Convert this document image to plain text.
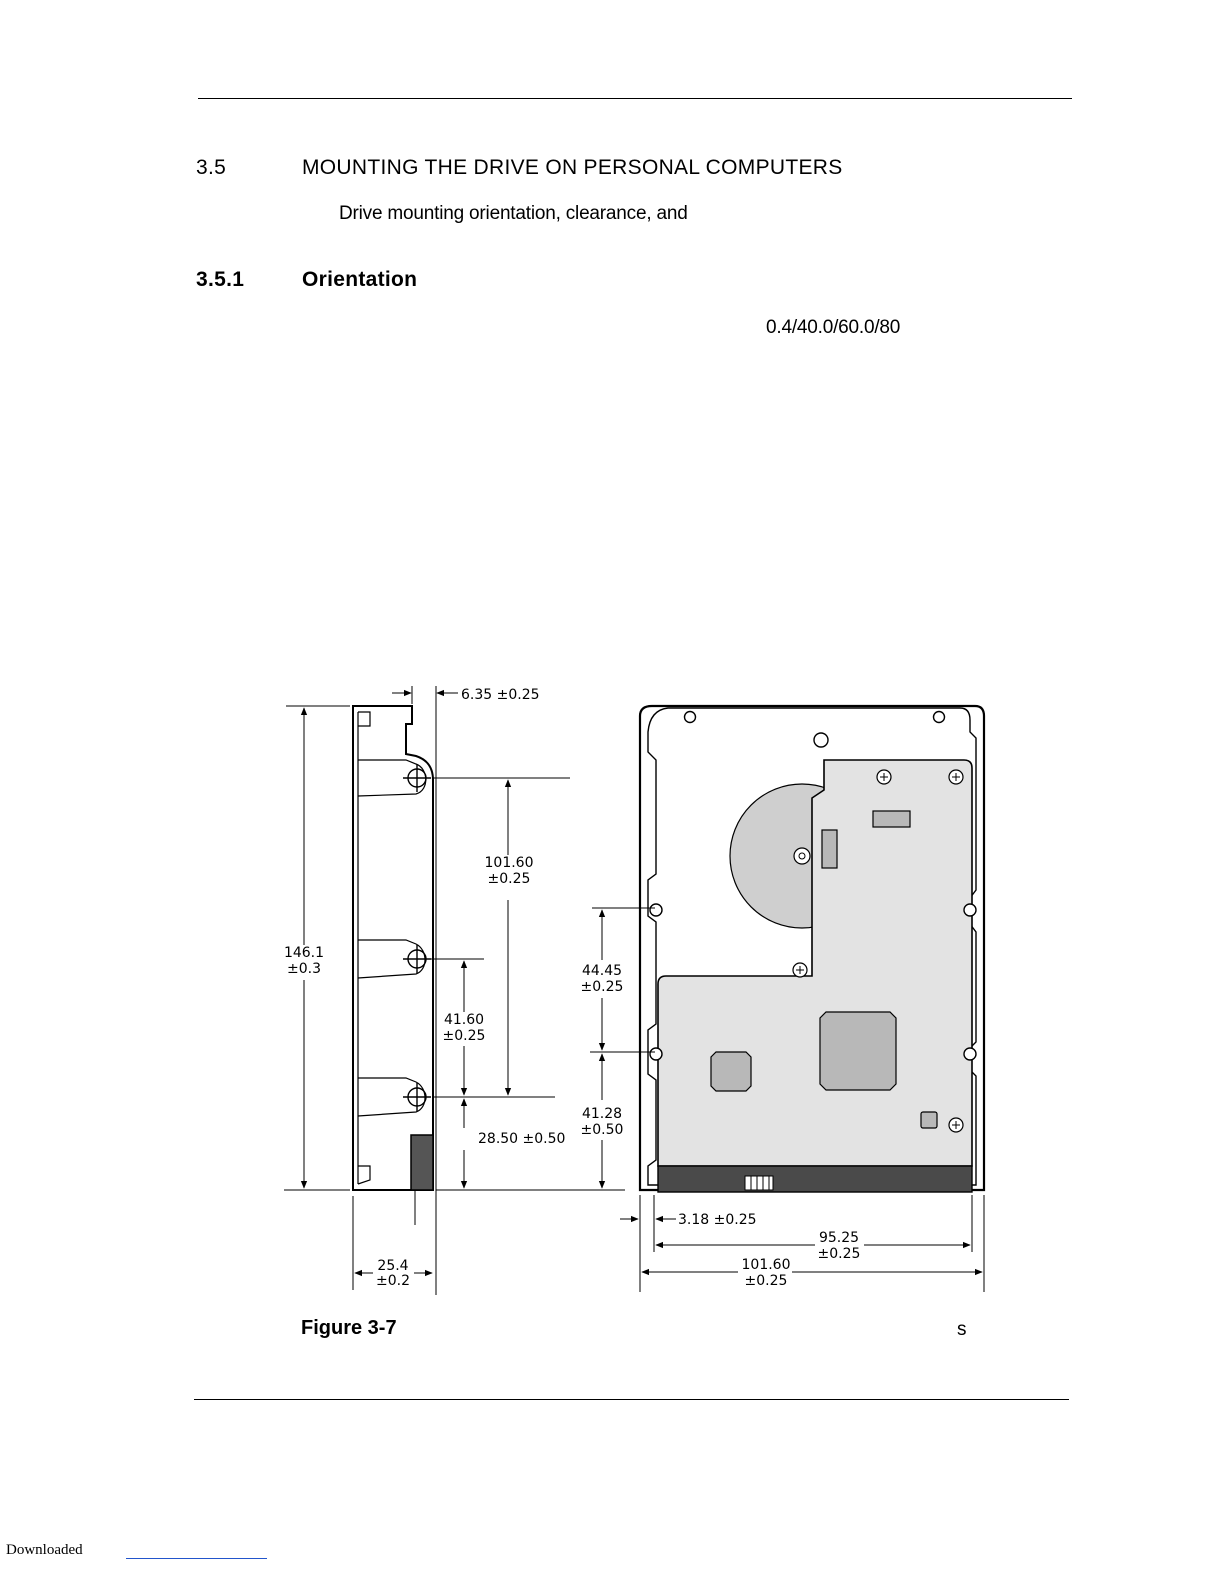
3.5	MOUNTING THE DRIVE ON PERSONAL COMPUTERS
Drive mounting orientation, clearance, and
3.5.1	Orientation
0.4/40.0/60.0/80
6.35 ±0.25
101.60
±0.25
146.1
±0.3
41.60
±0.25
28.50 ±0.50
25.4
±0.2
44.45
±0.25
41.28
±0.50
3.18 ±0.25
95.25
±0.25
101.60
±0.25
Figure 3-7	s
Downloaded
